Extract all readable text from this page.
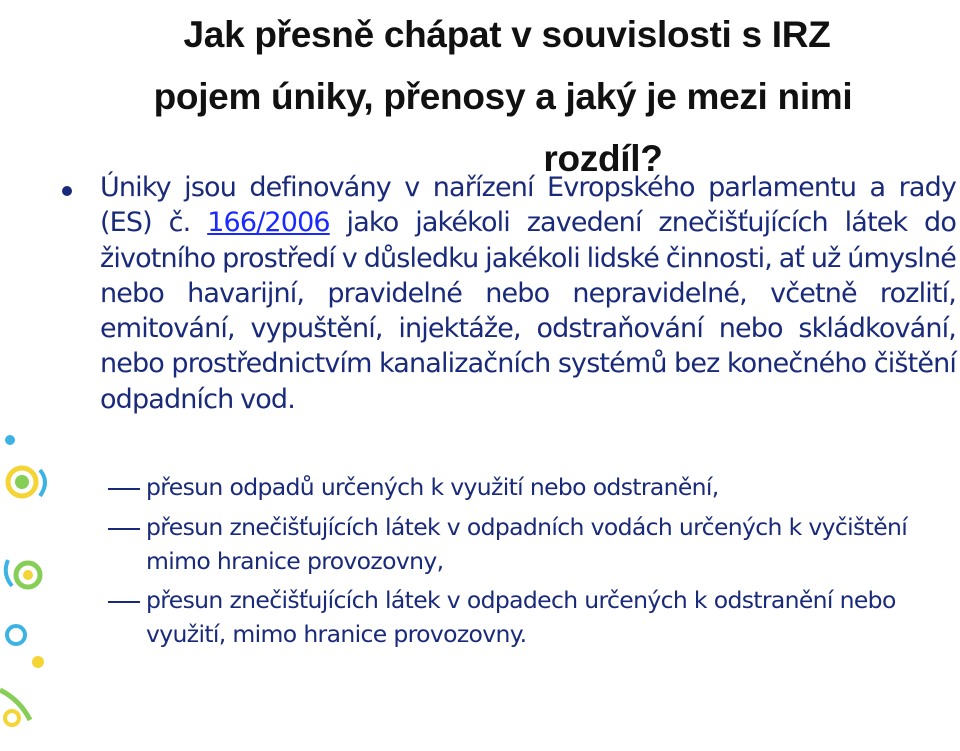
Jak přesně chápat v souvislosti s IRZ
pojem úniky, přenosy a jaký je mezi nimi
rozdíl?
Úniky jsou definovány v nařízení Evropského parlamentu a rady (ES) č. 166/2006 jako jakékoli zavedení znečišťujících látek do životního prostředí v důsledku jakékoli lidské činnosti, ať už úmyslné nebo havarijní, pravidelné nebo nepravidelné, včetně rozlití, emitování, vypuštění, injektáže, odstraňování nebo skládkování, nebo prostřednictvím kanalizačních systémů bez konečného čištění odpadních vod.
přesun odpadů určených k využití nebo odstranění,
přesun znečišťujících látek v odpadních vodách určených k vyčištění mimo hranice provozovny,
přesun znečišťujících látek v odpadech určených k odstranění nebo využití, mimo hranice provozovny.
